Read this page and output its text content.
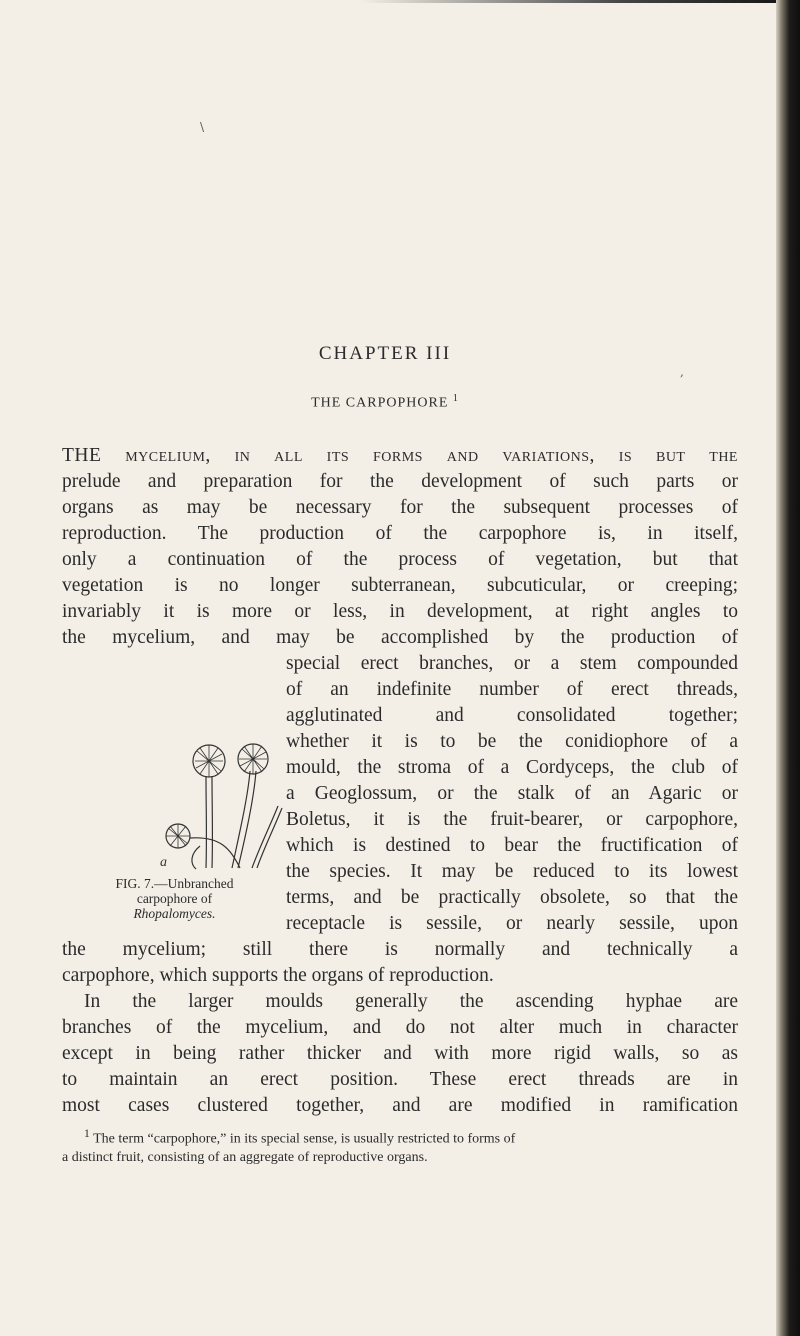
CHAPTER III
THE CARPOPHORE $^1$
THE mycelium, in all its forms and variations, is but the
prelude and preparation for the development of such parts or
organs as may be necessary for the subsequent processes of
reproduction. The production of the carpophore is, in itself,
only a continuation of the process of vegetation, but that
vegetation is no longer subterranean, subcuticular, or creeping;
invariably it is more or less, in development, at right angles to
the mycelium, and may be accomplished by the production of
special erect branches, or a stem compounded
of an indefinite number of erect threads,
agglutinated and consolidated together;
whether it is to be the conidiophore of a
mould, the stroma of a Cordyceps, the club of
a Geoglossum, or the stalk of an Agaric or
Boletus, it is the fruit-bearer, or carpophore,
which is destined to bear the fructification of
the species. It may be reduced to its lowest
terms, and be practically obsolete, so that the
receptacle is sessile, or nearly sessile, upon
the mycelium; still there is normally and technically a
carpophore, which supports the organs of reproduction.
In the larger moulds generally the ascending hyphae are
branches of the mycelium, and do not alter much in character
except in being rather thicker and with more rigid walls, so as
to maintain an erect position. These erect threads are in
most cases clustered together, and are modified in ramification
a
FIG. 7.—Unbranched
carpophore of
Rhopalomyces.
$^1$ The term “carpophore,” in its special sense, is usually restricted to forms of
a distinct fruit, consisting of an aggregate of reproductive organs.
\
,
